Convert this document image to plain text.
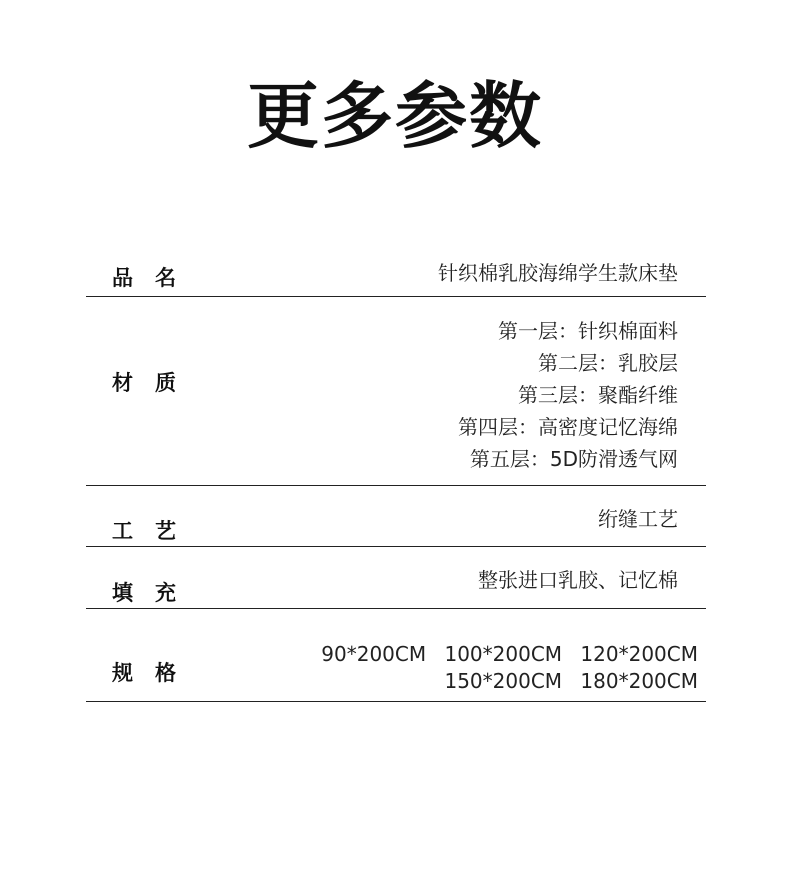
更多参数
品名	针织棉乳胶海绵学生款床垫
材质
第一层：针织棉面料
第二层：乳胶层
第三层：聚酯纤维
第四层：高密度记忆海绵
第五层：5D防滑透气网
工艺	绗缝工艺
填充
整张进口乳胶、记忆棉
规格
90*200CM 100*200CM 120*200CM
150*200CM 180*200CM
